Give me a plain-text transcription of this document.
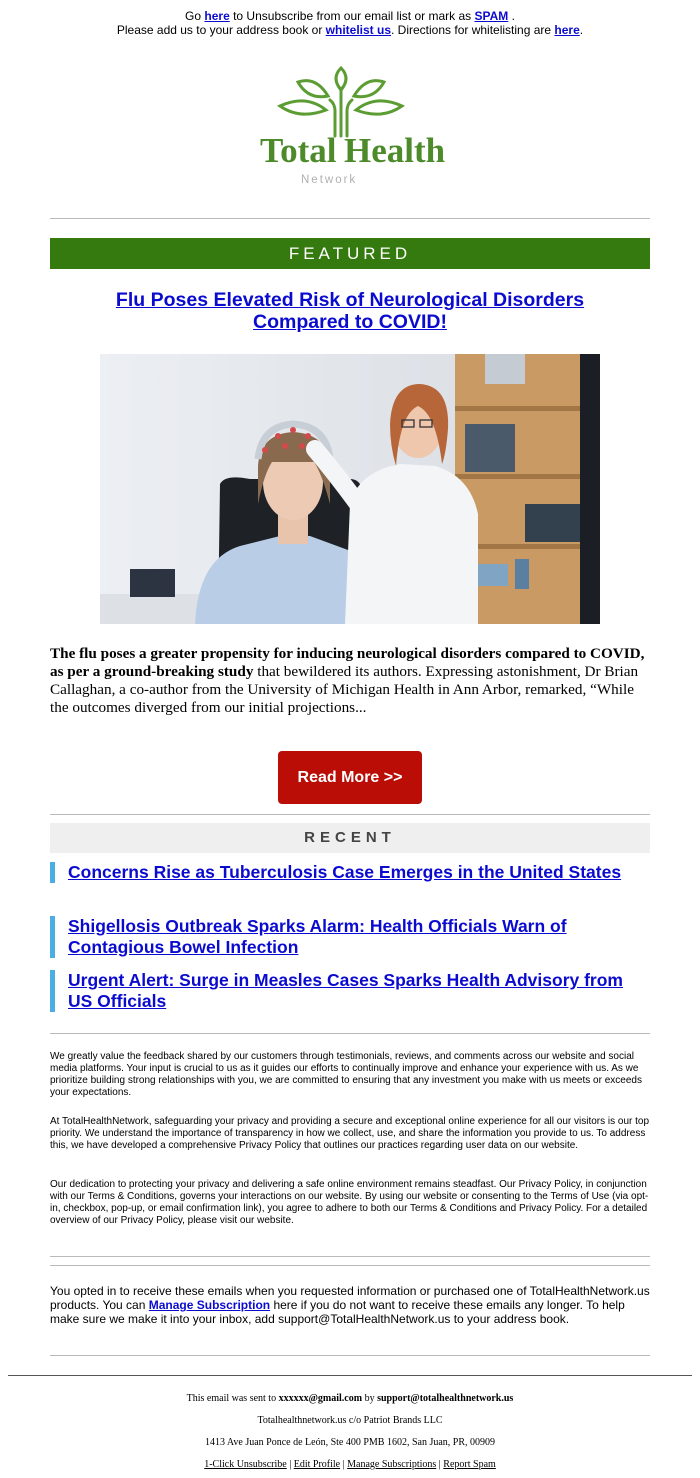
Go here to Unsubscribe from our email list or mark as SPAM .
Please add us to your address book or whitelist us. Directions for whitelisting are here.
Total Health
Network
FEATURED
Flu Poses Elevated Risk of Neurological Disorders Compared to COVID!
The flu poses a greater propensity for inducing neurological disorders compared to COVID, as per a ground-breaking study that bewildered its authors. Expressing astonishment, Dr Brian Callaghan, a co-author from the University of Michigan Health in Ann Arbor, remarked, “While the outcomes diverged from our initial projections...
Read More >>
RECENT
Concerns Rise as Tuberculosis Case Emerges in the United States
Shigellosis Outbreak Sparks Alarm: Health Officials Warn of Contagious Bowel Infection
Urgent Alert: Surge in Measles Cases Sparks Health Advisory from US Officials
We greatly value the feedback shared by our customers through testimonials, reviews, and comments across our website and social media platforms. Your input is crucial to us as it guides our efforts to continually improve and enhance your experience with us. As we prioritize building strong relationships with you, we are committed to ensuring that any investment you make with us meets or exceeds your expectations.
At TotalHealthNetwork, safeguarding your privacy and providing a secure and exceptional online experience for all our visitors is our top priority. We understand the importance of transparency in how we collect, use, and share the information you provide to us. To address this, we have developed a comprehensive Privacy Policy that outlines our practices regarding user data on our website.
Our dedication to protecting your privacy and delivering a safe online environment remains steadfast. Our Privacy Policy, in conjunction with our Terms & Conditions, governs your interactions on our website. By using our website or consenting to the Terms of Use (via opt-in, checkbox, pop-up, or email confirmation link), you agree to adhere to both our Terms & Conditions and Privacy Policy. For a detailed overview of our Privacy Policy, please visit our website.
You opted in to receive these emails when you requested information or purchased one of TotalHealthNetwork.us products. You can Manage Subscription here if you do not want to receive these emails any longer. To help make sure we make it into your inbox, add support@TotalHealthNetwork.us to your address book.
This email was sent to xxxxxx@gmail.com by support@totalhealthnetwork.us
Totalhealthnetwork.us c/o Patriot Brands LLC
1413 Ave Juan Ponce de León, Ste 400 PMB 1602, San Juan, PR, 00909
1-Click Unsubscribe | Edit Profile | Manage Subscriptions | Report Spam
